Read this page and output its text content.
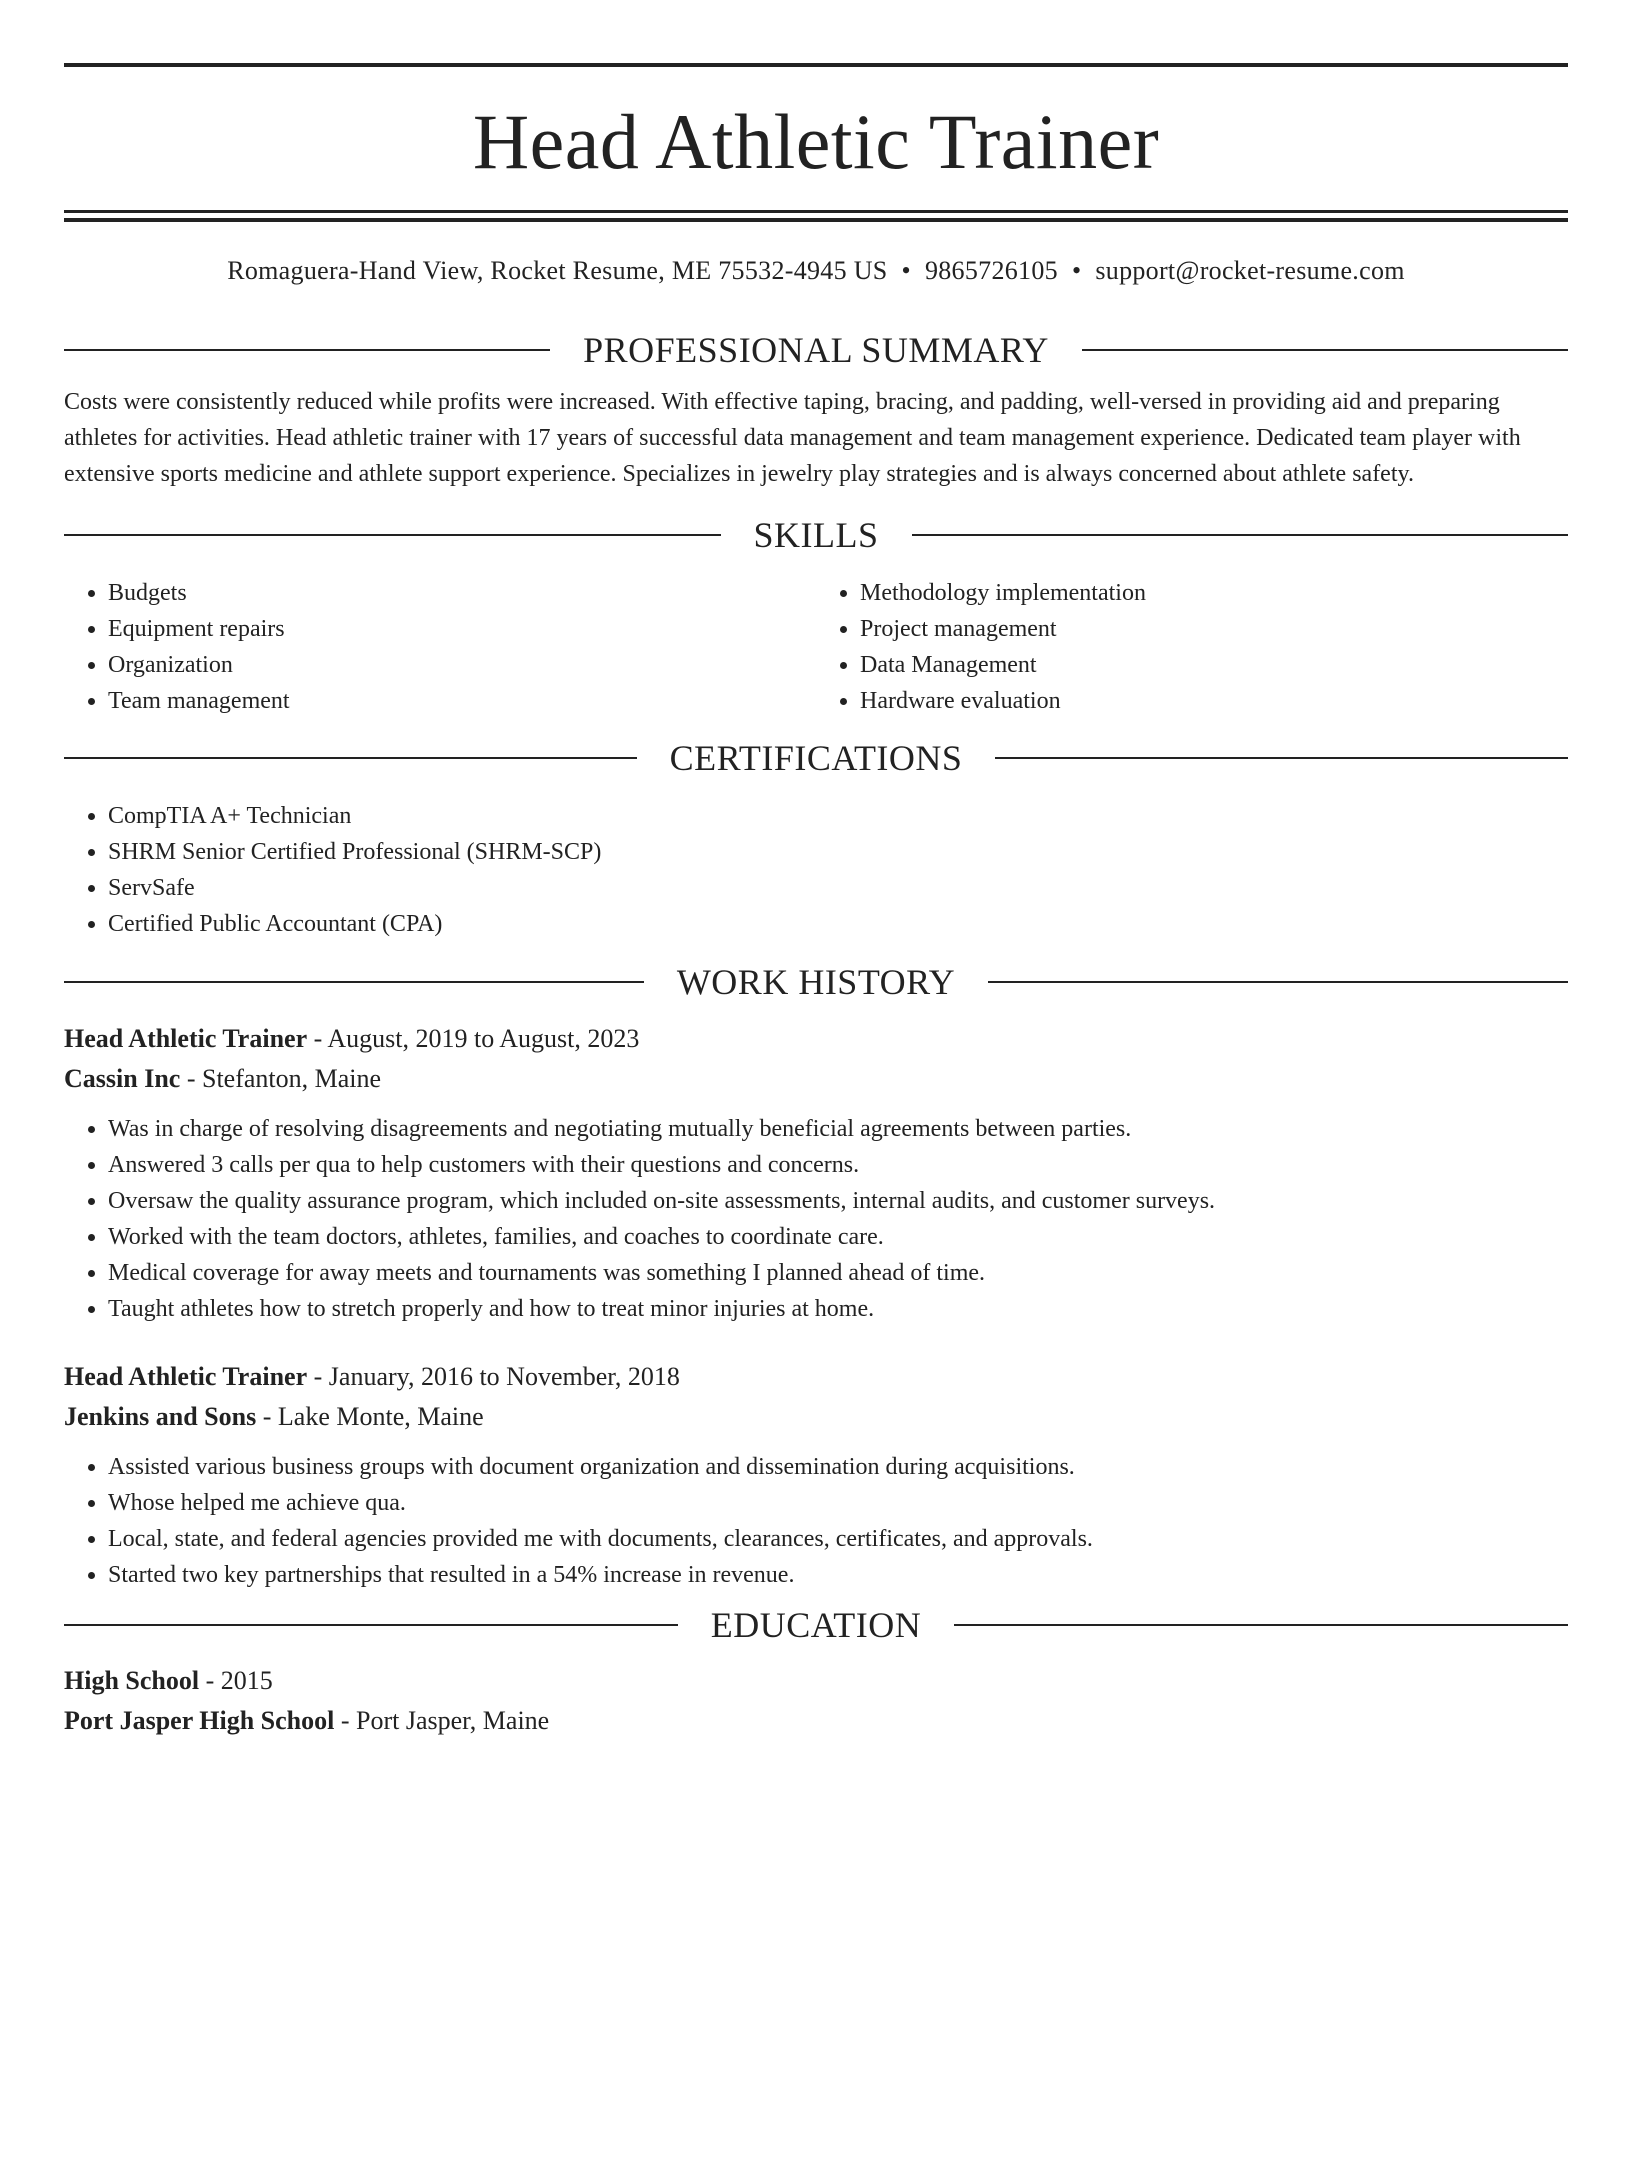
Head Athletic Trainer
Romaguera-Hand View, Rocket Resume, ME 75532-4945 US • 9865726105 • support@rocket-resume.com
PROFESSIONAL SUMMARY
Costs were consistently reduced while profits were increased. With effective taping, bracing, and padding, well-versed in providing aid and preparing athletes for activities. Head athletic trainer with 17 years of successful data management and team management experience. Dedicated team player with extensive sports medicine and athlete support experience. Specializes in jewelry play strategies and is always concerned about athlete safety.
SKILLS
• Budgets
• Equipment repairs
• Organization
• Team management
• Methodology implementation
• Project management
• Data Management
• Hardware evaluation
CERTIFICATIONS
• CompTIA A+ Technician
• SHRM Senior Certified Professional (SHRM-SCP)
• ServSafe
• Certified Public Accountant (CPA)
WORK HISTORY
Head Athletic Trainer - August, 2019 to August, 2023
Cassin Inc - Stefanton, Maine
• Was in charge of resolving disagreements and negotiating mutually beneficial agreements between parties.
• Answered 3 calls per qua to help customers with their questions and concerns.
• Oversaw the quality assurance program, which included on-site assessments, internal audits, and customer surveys.
• Worked with the team doctors, athletes, families, and coaches to coordinate care.
• Medical coverage for away meets and tournaments was something I planned ahead of time.
• Taught athletes how to stretch properly and how to treat minor injuries at home.
Head Athletic Trainer - January, 2016 to November, 2018
Jenkins and Sons - Lake Monte, Maine
• Assisted various business groups with document organization and dissemination during acquisitions.
• Whose helped me achieve qua.
• Local, state, and federal agencies provided me with documents, clearances, certificates, and approvals.
• Started two key partnerships that resulted in a 54% increase in revenue.
EDUCATION
High School - 2015
Port Jasper High School - Port Jasper, Maine
